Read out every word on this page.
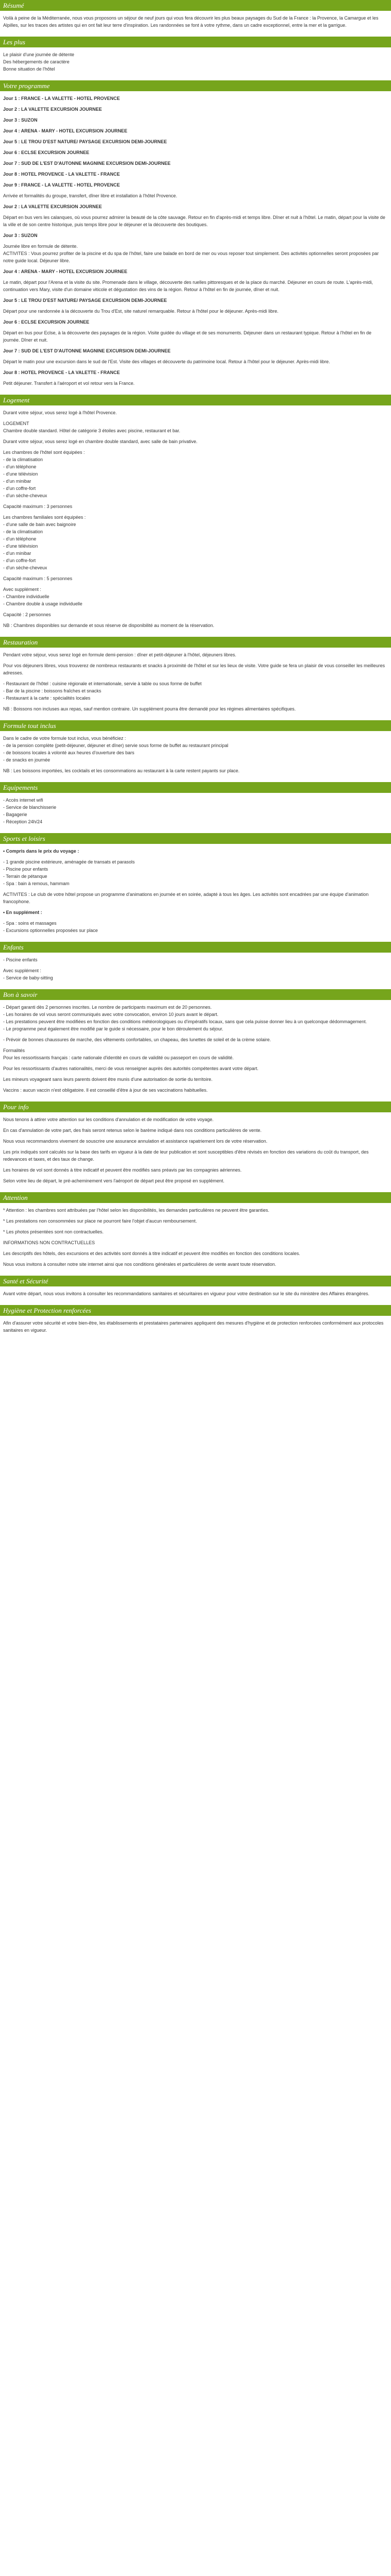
Résumé

Voilà à peine de la Méditerranée, nous vous proposons un séjour de neuf jours qui vous fera découvrir les plus beaux paysages du Sud de la France : la Provence, la Camargue et les Alpilles, sur les traces des artistes qui en ont fait leur terre d'inspiration. Les randonnées se font à votre rythme, dans un cadre exceptionnel, entre la mer et la garrigue.

Les plus

Le plaisir d'une journée de détente
Des hébergements de caractère
Bonne situation de l'hôtel

Votre programme

Jour 1 : FRANCE - LA VALETTE - HOTEL PROVENCE

Jour 2 : LA VALETTE EXCURSION JOURNEE

Jour 3 : SUZON

Jour 4 : ARENA - MARY - HOTEL EXCURSION JOURNEE

Jour 5 : LE TROU D'EST NATURE/ PAYSAGE EXCURSION DEMI-JOURNEE

Jour 6 : ECLSE EXCURSION JOURNEE

Jour 7 : SUD DE L'EST D'AUTONNE MAGNINE EXCURSION DEMI-JOURNEE

Jour 8 : HOTEL PROVENCE - LA VALETTE - FRANCE

Jour 9 : FRANCE - LA VALETTE - HOTEL PROVENCE

Arrivée et formalités du groupe, transfert, dîner libre et installation à l'hôtel Provence.

Jour 2 : LA VALETTE EXCURSION JOURNEE

Départ en bus vers les calanques, où vous pourrez admirer la beauté de la côte sauvage. Retour en fin d'après-midi et temps libre. Dîner et nuit à l'hôtel. Le matin, départ pour la visite de la ville et de son centre historique, puis temps libre pour le déjeuner et la découverte des boutiques.

Jour 3 : SUZON

Journée libre en formule de détente.
ACTIVITES : Vous pourrez profiter de la piscine et du spa de l'hôtel, faire une balade en bord de mer ou vous reposer tout simplement. Des activités optionnelles seront proposées par notre guide local. Déjeuner libre.

Jour 4 : ARENA - MARY - HOTEL EXCURSION JOURNEE

Le matin, départ pour l'Arena et la visite du site. Promenade dans le village, découverte des ruelles pittoresques et de la place du marché. Déjeuner en cours de route. L'après-midi, continuation vers Mary, visite d'un domaine viticole et dégustation des vins de la région. Retour à l'hôtel en fin de journée, dîner et nuit.

Jour 5 : LE TROU D'EST NATURE/ PAYSAGE EXCURSION DEMI-JOURNEE

Départ pour une randonnée à la découverte du Trou d'Est, site naturel remarquable. Retour à l'hôtel pour le déjeuner. Après-midi libre.

Jour 6 : ECLSE EXCURSION JOURNEE

Départ en bus pour Eclse, à la découverte des paysages de la région. Visite guidée du village et de ses monuments. Déjeuner dans un restaurant typique. Retour à l'hôtel en fin de journée. Dîner et nuit.

Jour 7 : SUD DE L'EST D'AUTONNE MAGNINE EXCURSION DEMI-JOURNEE

Départ le matin pour une excursion dans le sud de l'Est. Visite des villages et découverte du patrimoine local. Retour à l'hôtel pour le déjeuner. Après-midi libre.

Jour 8 : HOTEL PROVENCE - LA VALETTE - FRANCE

Petit déjeuner. Transfert à l'aéroport et vol retour vers la France.

Logement

Durant votre séjour, vous serez logé à l'hôtel Provence.

LOGEMENT
Chambre double standard. Hôtel de catégorie 3 étoiles avec piscine, restaurant et bar.

Durant votre séjour, vous serez logé en chambre double standard, avec salle de bain privative.

Les chambres de l'hôtel sont équipées :
- de la climatisation
- d'un téléphone
- d'une télévision
- d'un minibar
- d'un coffre-fort
- d'un sèche-cheveux

Capacité maximum : 3 personnes

Les chambres familiales sont équipées :
- d'une salle de bain avec baignoire
- de la climatisation
- d'un téléphone
- d'une télévision
- d'un minibar
- d'un coffre-fort
- d'un sèche-cheveux

Capacité maximum : 5 personnes

Avec supplément :
- Chambre individuelle
- Chambre double à usage individuelle

Capacité : 2 personnes

NB : Chambres disponibles sur demande et sous réserve de disponibilité au moment de la réservation.

Restauration

Pendant votre séjour, vous serez logé en formule demi-pension : dîner et petit-déjeuner à l'hôtel, déjeuners libres.

Pour vos déjeuners libres, vous trouverez de nombreux restaurants et snacks à proximité de l'hôtel et sur les lieux de visite. Votre guide se fera un plaisir de vous conseiller les meilleures adresses.

- Restaurant de l'hôtel : cuisine régionale et internationale, servie à table ou sous forme de buffet
- Bar de la piscine : boissons fraîches et snacks
- Restaurant à la carte : spécialités locales

NB : Boissons non incluses aux repas, sauf mention contraire. Un supplément pourra être demandé pour les régimes alimentaires spécifiques.

Formule tout inclus

Dans le cadre de votre formule tout inclus, vous bénéficiez :
- de la pension complète (petit-déjeuner, déjeuner et dîner) servie sous forme de buffet au restaurant principal
- de boissons locales à volonté aux heures d'ouverture des bars
- de snacks en journée

NB : Les boissons importées, les cocktails et les consommations au restaurant à la carte restent payants sur place.

Equipements

- Accès internet wifi
- Service de blanchisserie
- Bagagerie
- Réception 24h/24

Sports et loisirs

• Compris dans le prix du voyage :

- 1 grande piscine extérieure, aménagée de transats et parasols
- Piscine pour enfants
- Terrain de pétanque
- Spa : bain à remous, hammam

ACTIVITES : Le club de votre hôtel propose un programme d'animations en journée et en soirée, adapté à tous les âges. Les activités sont encadrées par une équipe d'animation francophone.

• En supplément :

- Spa : soins et massages
- Excursions optionnelles proposées sur place

Enfants

- Piscine enfants

Avec supplément :
- Service de baby-sitting

Bon à savoir

- Départ garanti dès 2 personnes inscrites. Le nombre de participants maximum est de 20 personnes.
- Les horaires de vol vous seront communiqués avec votre convocation, environ 10 jours avant le départ.
- Les prestations peuvent être modifiées en fonction des conditions météorologiques ou d'impératifs locaux, sans que cela puisse donner lieu à un quelconque dédommagement.
- Le programme peut également être modifié par le guide si nécessaire, pour le bon déroulement du séjour.

- Prévoir de bonnes chaussures de marche, des vêtements confortables, un chapeau, des lunettes de soleil et de la crème solaire.

Formalités
Pour les ressortissants français : carte nationale d'identité en cours de validité ou passeport en cours de validité.

Pour les ressortissants d'autres nationalités, merci de vous renseigner auprès des autorités compétentes avant votre départ.

Les mineurs voyageant sans leurs parents doivent être munis d'une autorisation de sortie du territoire.

Vaccins : aucun vaccin n'est obligatoire. Il est conseillé d'être à jour de ses vaccinations habituelles.

Pour info

Nous tenons à attirer votre attention sur les conditions d'annulation et de modification de votre voyage.

En cas d'annulation de votre part, des frais seront retenus selon le barème indiqué dans nos conditions particulières de vente.

Nous vous recommandons vivement de souscrire une assurance annulation et assistance rapatriement lors de votre réservation.

Les prix indiqués sont calculés sur la base des tarifs en vigueur à la date de leur publication et sont susceptibles d'être révisés en fonction des variations du coût du transport, des redevances et taxes, et des taux de change.

Les horaires de vol sont donnés à titre indicatif et peuvent être modifiés sans préavis par les compagnies aériennes.

Selon votre lieu de départ, le pré-acheminement vers l'aéroport de départ peut être proposé en supplément.

Attention

* Attention : les chambres sont attribuées par l'hôtel selon les disponibilités, les demandes particulières ne peuvent être garanties.

* Les prestations non consommées sur place ne pourront faire l'objet d'aucun remboursement.

* Les photos présentées sont non contractuelles.

INFORMATIONS NON CONTRACTUELLES

Les descriptifs des hôtels, des excursions et des activités sont donnés à titre indicatif et peuvent être modifiés en fonction des conditions locales.

Nous vous invitons à consulter notre site internet ainsi que nos conditions générales et particulières de vente avant toute réservation.

Santé et Sécurité

Avant votre départ, nous vous invitons à consulter les recommandations sanitaires et sécuritaires en vigueur pour votre destination sur le site du ministère des Affaires étrangères.

Hygiène et Protection renforcées

Afin d'assurer votre sécurité et votre bien-être, les établissements et prestataires partenaires appliquent des mesures d'hygiène et de protection renforcées conformément aux protocoles sanitaires en vigueur.
